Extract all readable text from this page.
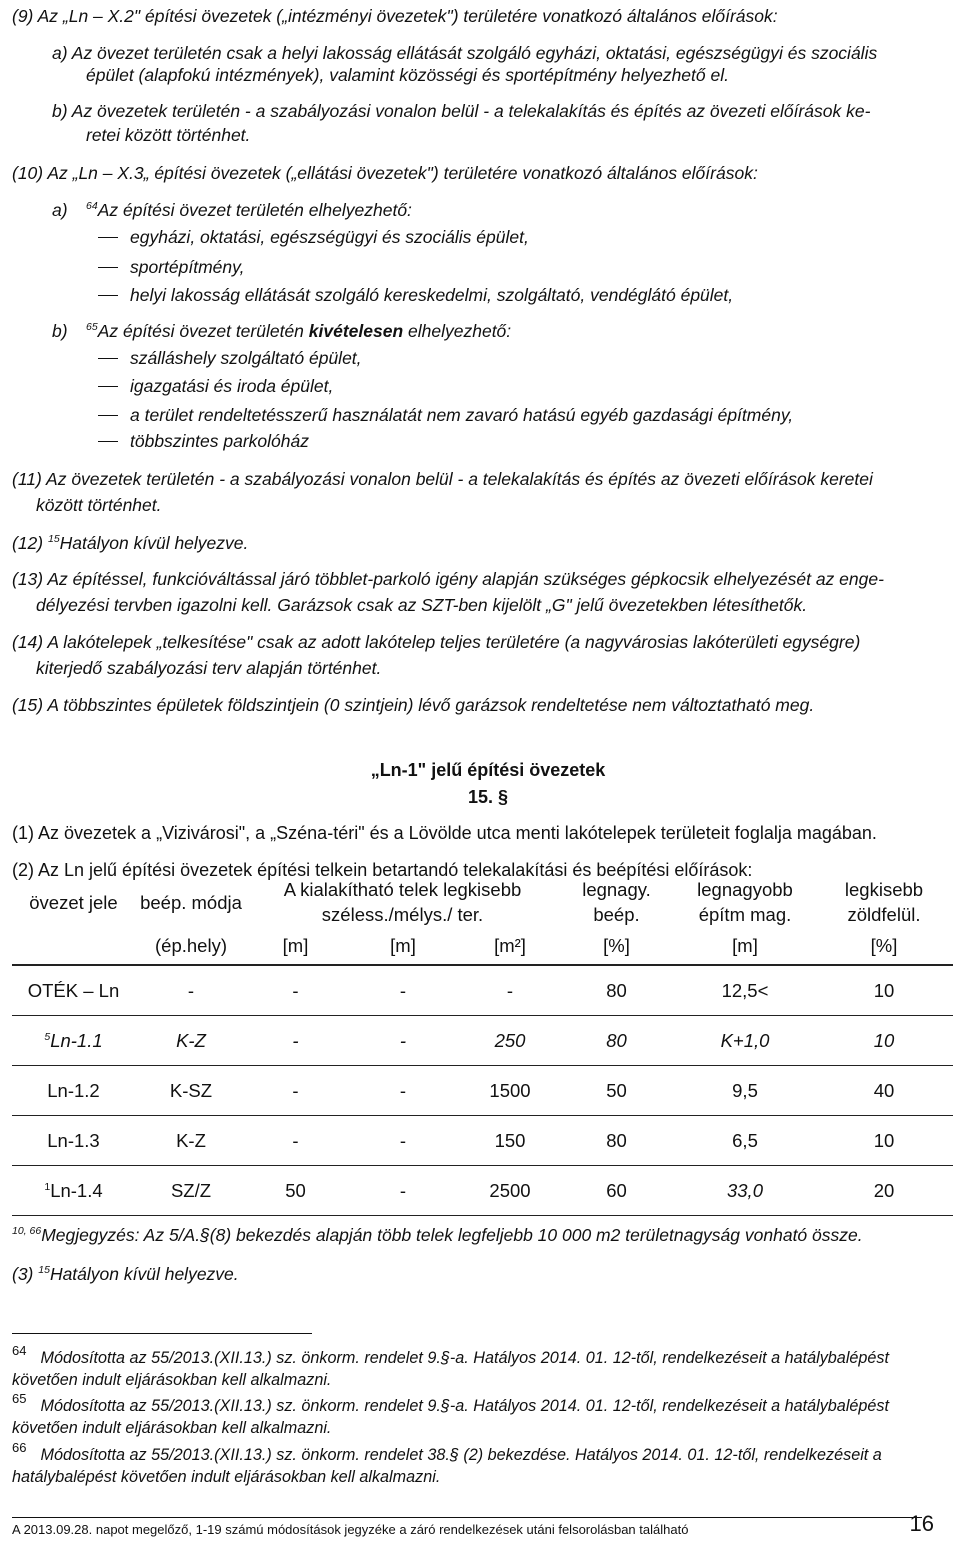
(9) Az „Ln – X.2" építési övezetek („intézményi övezetek") területére vonatkozó általános előírások:
a) Az övezet területén csak a helyi lakosság ellátását szolgáló egyházi, oktatási, egészségügyi és szociális
épület (alapfokú intézmények), valamint közösségi és sportépítmény helyezhető el.
b) Az övezetek területén - a szabályozási vonalon belül - a telekalakítás és építés az övezeti előírások ke-
retei között történhet.
(10) Az „Ln – X.3„ építési övezetek („ellátási övezetek") területére vonatkozó általános előírások:
a) $^{64}$Az építési övezet területén elhelyezhető:
egyházi, oktatási, egészségügyi és szociális épület,
sportépítmény,
helyi lakosság ellátását szolgáló kereskedelmi, szolgáltató, vendéglátó épület,
b) $^{65}$Az építési övezet területén kivételesen elhelyezhető:
szálláshely szolgáltató épület,
igazgatási és iroda épület,
a terület rendeltetésszerű használatát nem zavaró hatású egyéb gazdasági építmény,
többszintes parkolóház
(11) Az övezetek területén - a szabályozási vonalon belül - a telekalakítás és építés az övezeti előírások keretei
között történhet.
(12) $^{15}$Hatályon kívül helyezve.
(13) Az építéssel, funkcióváltással járó többlet-parkoló igény alapján szükséges gépkocsik elhelyezését az enge-
délyezési tervben igazolni kell. Garázsok csak az SZT-ben kijelölt „G" jelű övezetekben létesíthetők.
(14) A lakótelepek „telkesítése" csak az adott lakótelep teljes területére (a nagyvárosias lakóterületi egységre)
kiterjedő szabályozási terv alapján történhet.
(15) A többszintes épületek földszintjein (0 szintjein) lévő garázsok rendeltetése nem változtatható meg.
„Ln-1" jelű építési övezetek
15. §
(1) Az övezetek a „Vizivárosi", a „Széna-téri" és a Lövölde utca menti lakótelepek területeit foglalja magában.
(2) Az Ln jelű építési övezetek építési telkein betartandó telekalakítási és beépítési előírások:
övezet jele	beép. módja	A kialakítható telek legkisebb			legnagy.	legnagyobb	legkisebb
		széless./mélys./ ter.			beép.	építm mag.	zöldfelül.
	(ép.hely)	[m]	[m]	[m²]	[%]	[m]	[%]
OTÉK – Ln	-	-	-	-	80	12,5<	10
$^5$Ln-1.1	K-Z	-	-	250	80	K+1,0	10
Ln-1.2	K-SZ	-	-	1500	50	9,5	40
Ln-1.3	K-Z	-	-	150	80	6,5	10
$^1$Ln-1.4	SZ/Z	50	-	2500	60	33,0	20
$^{10, 66}$Megjegyzés: Az 5/A.§(8) bekezdés alapján több telek legfeljebb 10 000 m2 területnagyság vonható össze.
(3) $^{15}$Hatályon kívül helyezve.
$^{64}$ Módosította az 55/2013.(XII.13.) sz. önkorm. rendelet 9.§-a. Hatályos 2014. 01. 12-től, rendelkezéseit a hatálybalépést
követően indult eljárásokban kell alkalmazni.
$^{65}$ Módosította az 55/2013.(XII.13.) sz. önkorm. rendelet 9.§-a. Hatályos 2014. 01. 12-től, rendelkezéseit a hatálybalépést
követően indult eljárásokban kell alkalmazni.
$^{66}$ Módosította az 55/2013.(XII.13.) sz. önkorm. rendelet 38.§ (2) bekezdése. Hatályos 2014. 01. 12-től, rendelkezéseit a
hatálybalépést követően indult eljárásokban kell alkalmazni.
A 2013.09.28. napot megelőző, 1-19 számú módosítások jegyzéke a záró rendelkezések utáni felsorolásban található	16
